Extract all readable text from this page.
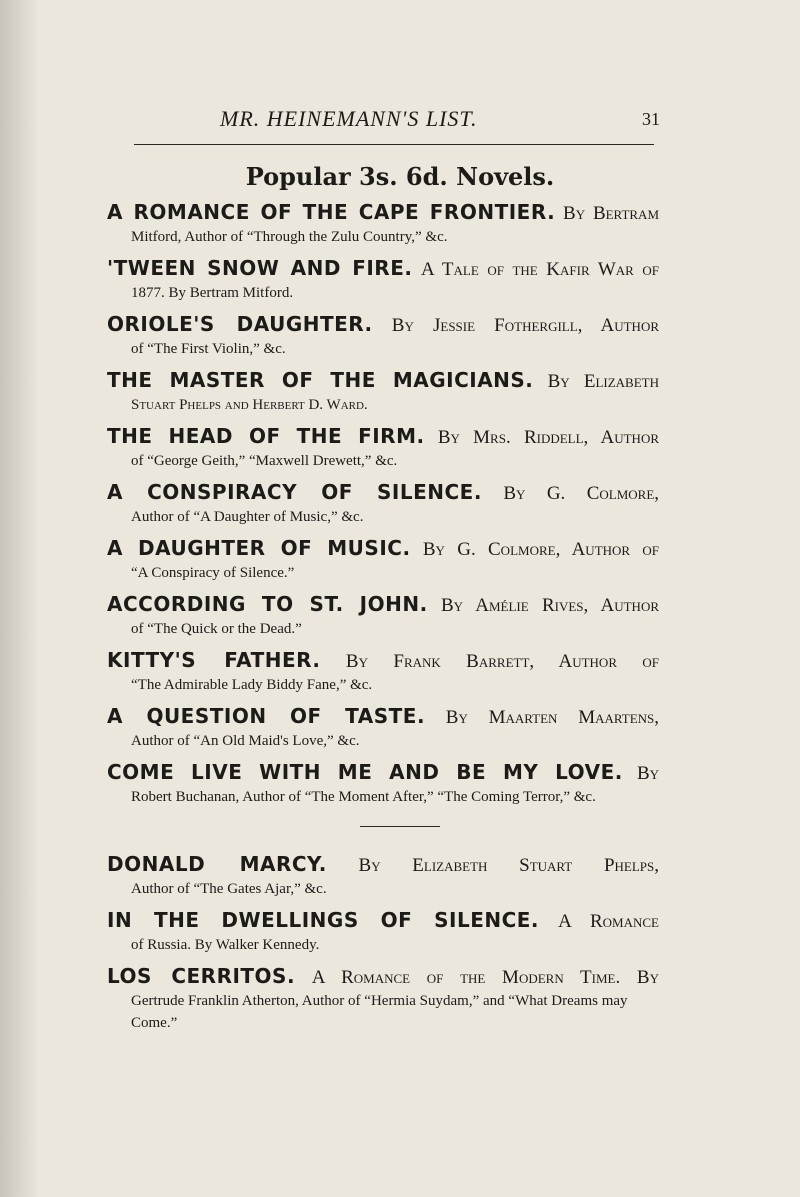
MR. HEINEMANN'S LIST.	31
Popular 3s. 6d. Novels.
A ROMANCE OF THE CAPE FRONTIER. By Bertram
Mitford, Author of “Through the Zulu Country,” &c.
'TWEEN SNOW AND FIRE. A Tale of the Kafir War of
1877. By Bertram Mitford.
ORIOLE'S DAUGHTER. By Jessie Fothergill, Author
of “The First Violin,” &c.
THE MASTER OF THE MAGICIANS. By Elizabeth
Stuart Phelps and Herbert D. Ward.
THE HEAD OF THE FIRM. By Mrs. Riddell, Author
of “George Geith,” “Maxwell Drewett,” &c.
A CONSPIRACY OF SILENCE. By G. Colmore,
Author of “A Daughter of Music,” &c.
A DAUGHTER OF MUSIC. By G. Colmore, Author of
“A Conspiracy of Silence.”
ACCORDING TO ST. JOHN. By Amélie Rives, Author
of “The Quick or the Dead.”
KITTY'S FATHER. By Frank Barrett, Author of
“The Admirable Lady Biddy Fane,” &c.
A QUESTION OF TASTE. By Maarten Maartens,
Author of “An Old Maid's Love,” &c.
COME LIVE WITH ME AND BE MY LOVE. By
Robert Buchanan, Author of “The Moment After,” “The Coming Terror,” &c.
DONALD MARCY. By Elizabeth Stuart Phelps,
Author of “The Gates Ajar,” &c.
IN THE DWELLINGS OF SILENCE. A Romance
of Russia. By Walker Kennedy.
LOS CERRITOS. A Romance of the Modern Time. By
Gertrude Franklin Atherton, Author of “Hermia Suydam,” and “What Dreams may Come.”
